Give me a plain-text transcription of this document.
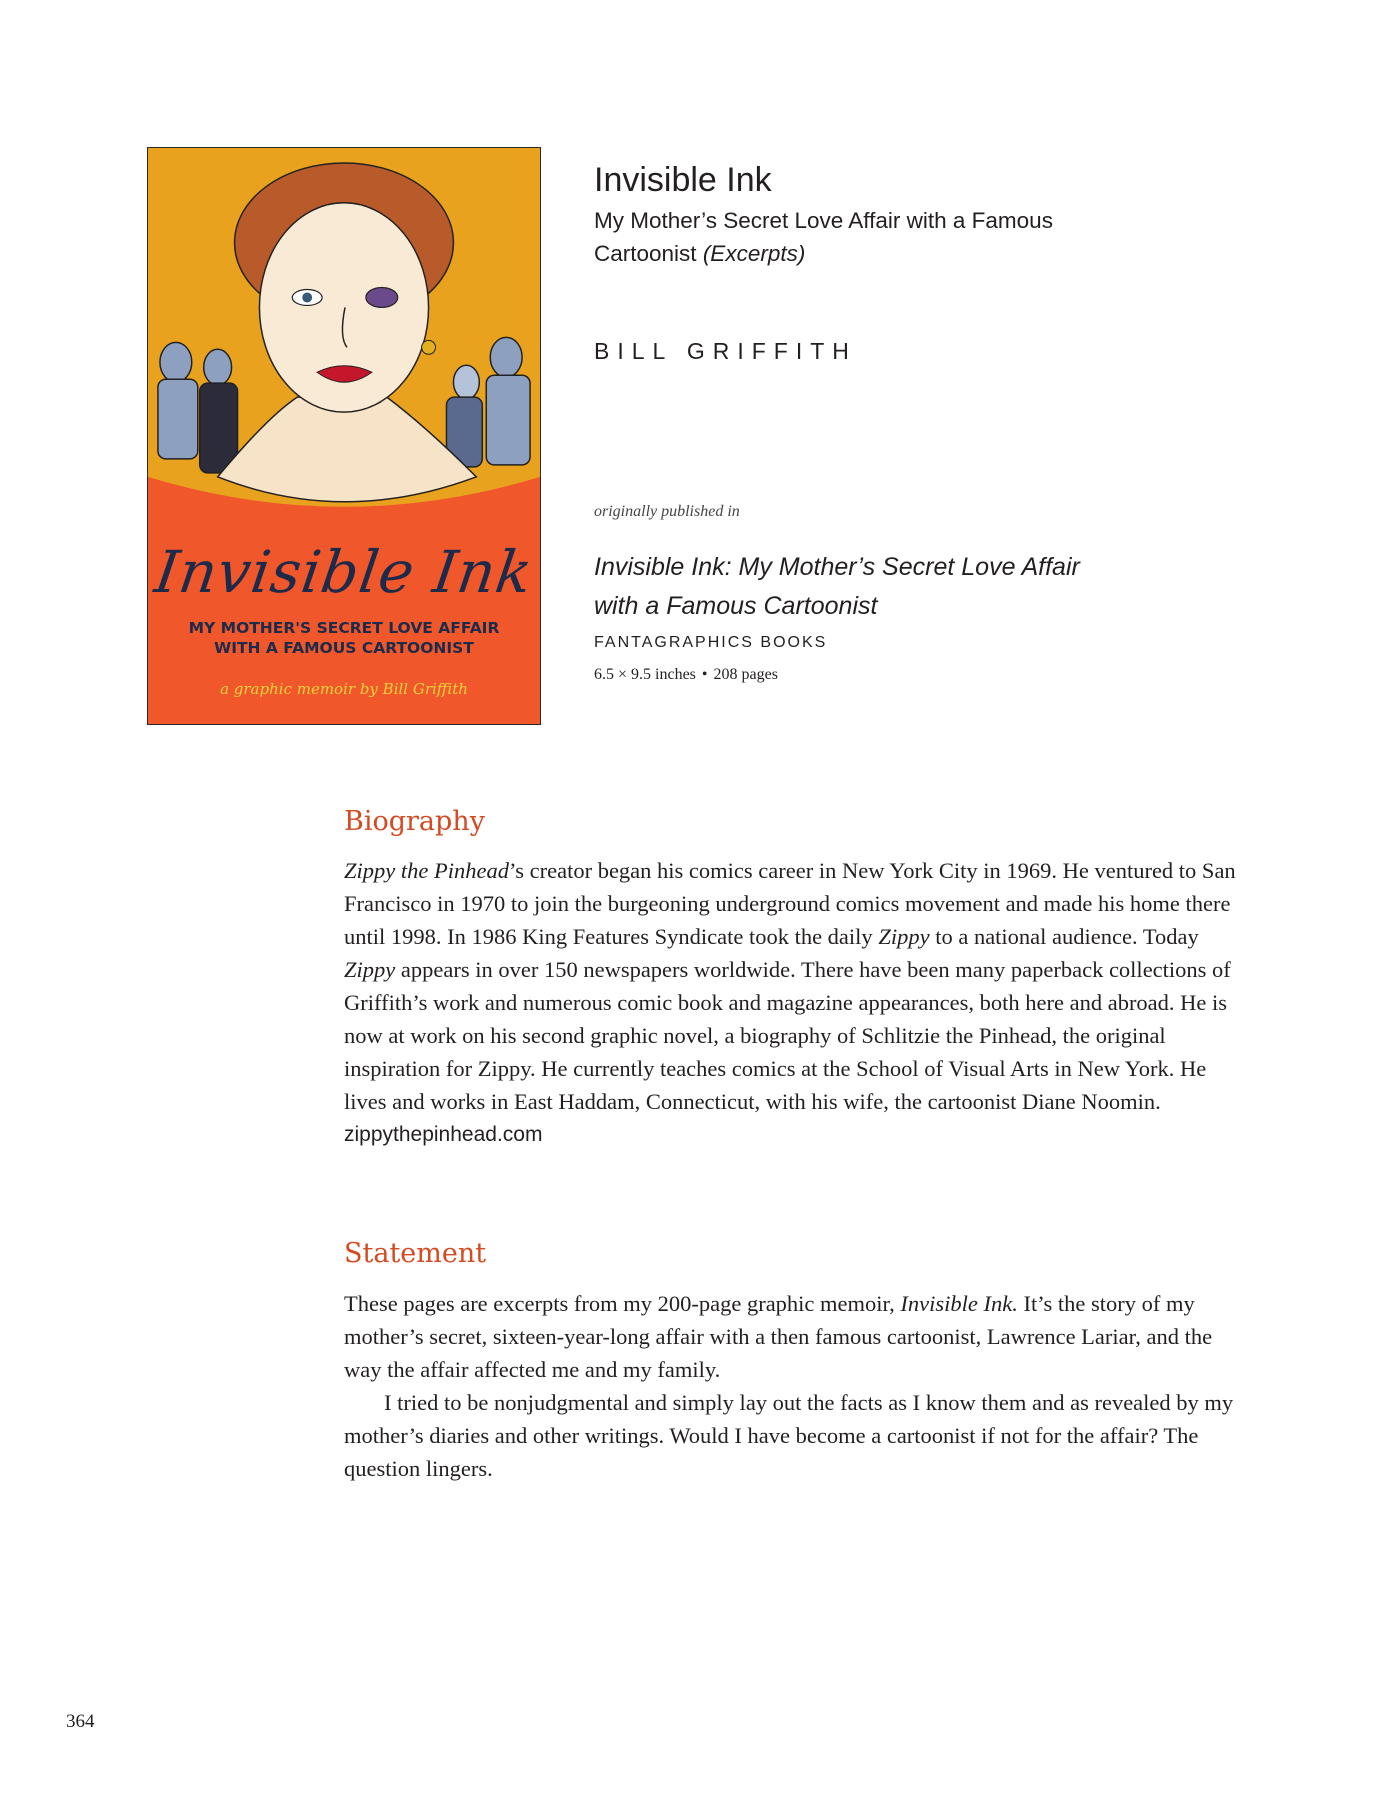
Invisible Ink
MY MOTHER'S SECRET LOVE AFFAIR
WITH A FAMOUS CARTOONIST
a graphic memoir by Bill Griffith
Invisible Ink
My Mother’s Secret Love Affair with a Famous Cartoonist (Excerpts)
BILL GRIFFITH
originally published in
Invisible Ink: My Mother’s Secret Love Affair
with a Famous Cartoonist
FANTAGRAPHICS BOOKS
6.5 × 9.5 inches • 208 pages
Biography

Zippy the Pinhead’s creator began his comics career in New York City in 1969. He ventured to San Francisco in 1970 to join the burgeoning underground comics movement and made his home there until 1998. In 1986 King Features Syndicate took the daily Zippy to a national audience. Today Zippy appears in over 150 newspapers worldwide. There have been many paperback collections of Griffith’s work and numerous comic book and magazine appearances, both here and abroad. He is now at work on his second graphic novel, a biography of Schlitzie the Pinhead, the original inspiration for Zippy. He currently teaches comics at the School of Visual Arts in New York. He lives and works in East Haddam, Connecticut, with his wife, the cartoonist Diane Noomin.

zippythepinhead.com
Statement

These pages are excerpts from my 200-page graphic memoir, Invisible Ink. It’s the story of my mother’s secret, sixteen-year-long affair with a then famous cartoonist, Lawrence Lariar, and the way the affair affected me and my family.

I tried to be nonjudgmental and simply lay out the facts as I know them and as revealed by my mother’s diaries and other writings. Would I have become a cartoonist if not for the affair? The question lingers.

364
